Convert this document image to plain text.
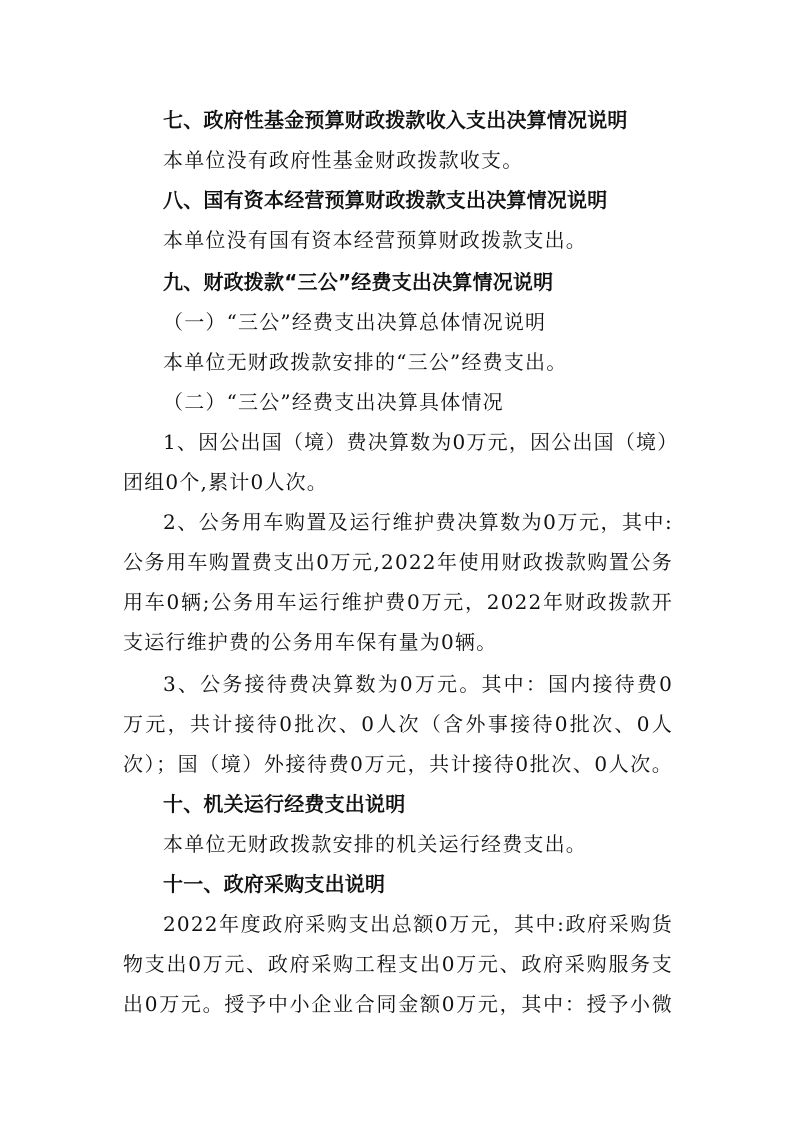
七、政府性基金预算财政拨款收入支出决算情况说明
本单位没有政府性基金财政拨款收支。
八、国有资本经营预算财政拨款支出决算情况说明
本单位没有国有资本经营预算财政拨款支出。
九、财政拨款“三公”经费支出决算情况说明
（一）“三公”经费支出决算总体情况说明
本单位无财政拨款安排的“三公”经费支出。
（二）“三公”经费支出决算具体情况
1、因公出国（境）费决算数为0万元，因公出国（境）
团组0个,累计0人次。
2、公务用车购置及运行维护费决算数为0万元，其中:
公务用车购置费支出0万元,2022年使用财政拨款购置公务
用车0辆;公务用车运行维护费0万元，2022年财政拨款开
支运行维护费的公务用车保有量为0辆。
3、公务接待费决算数为0万元。其中：国内接待费0
万元，共计接待0批次、0人次（含外事接待0批次、0人
次）；国（境）外接待费0万元，共计接待0批次、0人次。
十、机关运行经费支出说明
本单位无财政拨款安排的机关运行经费支出。
十一、政府采购支出说明
2022年度政府采购支出总额0万元，其中:政府采购货
物支出0万元、政府采购工程支出0万元、政府采购服务支
出0万元。授予中小企业合同金额0万元，其中：授予小微
